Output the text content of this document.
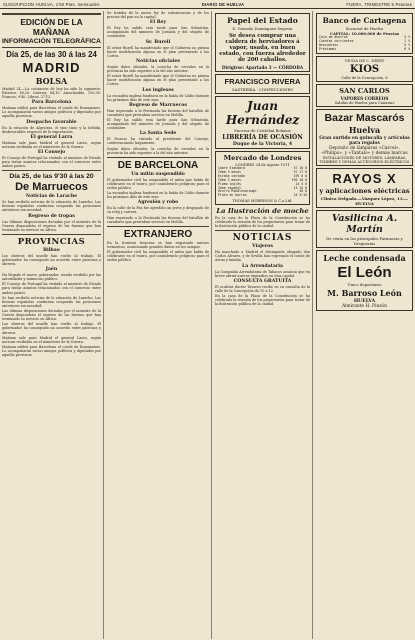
SUSCRIPCION HUELVA, 1'50 Ptas. mensuales	DIARIO DE HUELVA	FUERA, TRIMESTRE 5 Pesetas
EDICIÓN DE LA MAÑANA
INFORMACIÓN TELEGRÁFICA
Día 25, de las 30 á las 24
MADRID
BOLSA

Madrid 24.—La cotización de hoy ha sido la siguiente: Exterior, 80,20. Interior, 84,10. Amortizable, 100,30. Francos, 9'40. Libras, 27'13.

Para Barcelona

Mañana saldrá para Barcelona el conde de Romanones. Lo acompañarán varios amigos políticos y diputados por aquella provincia.

Despacho favorable

En la estación de Algeciras, el vino tinto y la bebida, desfavorables respecto de la exportación.

El general Larra

Mañana sale para Madrid el general Larra, según noticias recibidas en el ministerio de la Guerra.

El Consejo

El Consejo de Portugal ha visitado al ministro de Estado para tratar asuntos relacionados con el comercio entre ambos países.

Día 25, de las 9'30 á las 20
De Marruecos
Noticias de Larache

Se han recibido noticias de la situación de Larache. Las fuerzas españolas continúan ocupando las posiciones anteriores sin novedad.

Regreso de tropas

Las últimas disposiciones dictadas por el ministro de la Guerra dispondrán el regreso de las fuerzas que han terminado su servicio en África.

PROVINCIAS
Bilbao

Los obreros del muelle han vuelto al trabajo. El gobernador ha conseguido un acuerdo entre patronos y obreros.

Jaén

Ha llegado el nuevo gobernador, siendo recibido por las autoridades y numeroso público.

El Consejo de Portugal ha visitado al ministro de Estado para tratar asuntos relacionados con el comercio entre ambos países.

Se han recibido noticias de la situación de Larache. Las fuerzas españolas continúan ocupando las posiciones anteriores sin novedad.

Las últimas disposiciones dictadas por el ministro de la Guerra dispondrán el regreso de las fuerzas que han terminado su servicio en África.

Los obreros del muelle han vuelto al trabajo. El gobernador ha conseguido un acuerdo entre patronos y obreros.

Mañana sale para Madrid el general Larra, según noticias recibidas en el ministerio de la Guerra.

Mañana saldrá para Barcelona el conde de Romanones. Lo acompañarán varios amigos políticos y diputados por aquella provincia.

Se trataba de la nueva ley de subsistencias y de los precios del pan en la capital.

El Rey

El Rey ha salido esta tarde para San Sebastián, acompañado del ministro de Jornada y del séquito de costumbre.

Sr. Burell

El señor Burell ha manifestado que el Gobierno no piensa hacer modificación alguna en el plan presentado a las Cortes.

Noticias oficiales

Según datos oficiales, la cosecha de cereales en la provincia ha sido superior a la del año anterior.

El señor Burell ha manifestado que el Gobierno no piensa hacer modificación alguna en el plan presentado a las Cortes.

Los ingleses

La escuadra inglesa fondeará en la bahía de Cádiz durante los próximos días de este mes.

Regreso de Marruecos

Han regresado a la Península las fuerzas del batallón de cazadores que prestaban servicio en Melilla.

El Rey ha salido esta tarde para San Sebastián, acompañado del ministro de Jornada y del séquito de costumbre.

La Santa Sede

El Nuncio ha visitado al presidente del Consejo, conferenciando largamente.

Según datos oficiales, la cosecha de cereales en la provincia ha sido superior a la del año anterior.

DE BARCELONA
Un mitin suspendido

El gobernador civil ha suspendido el mitin que había de celebrarse en el teatro, por considerarlo peligroso para el orden público.

La escuadra inglesa fondeará en la bahía de Cádiz durante los próximos días de este mes.

Agresión y robo

En la calle de la Paz fue agredido un joven y despojado de su reloj y cartera.

Han regresado a la Península las fuerzas del batallón de cazadores que prestaban servicio en Melilla.

EXTRANJERO

En la frontera francesa se han registrado nuevas tormentas, ocasionando grandes daños en los campos.

El gobernador civil ha suspendido el mitin que había de celebrarse en el teatro, por considerarlo peligroso para el orden público.

Papel del Estado
D. Gonzalo Domínguez Segovia
Se desea comprar una caldera de herviadores á vapor, usada, en buen estado, con fuerza alrededor de 200 caballos.
Dirigirse: Apartado 3 — CÓRDOBA
FRANCISCO RIVERA
SASTRERÍA · CONFECCIONES
Juan Hernández
Sucesor de Cristóbal Bolaños
LIBRERÍA DE OCASIÓN
Duque de la Victoria, 4
Mercado de Londres
LONDRES 24 de Agosto 1911
Cobre Standard	57 10 0
Ídem 3 meses	57 17 6
Estaño contado	195 0 0
Ídem 3 meses	190 10 0
Plomo inglés	14 5 0
Ídem español	13 15 0
Hierro Middlesbrough	46 6
Plata en barras	24 5/16
THOMAS MORRISON & C.a Ltd.
La Ilustración de moche

En la casa de la Plaza de la Constitución se ha celebrado la reunión de los propietarios para tratar de la ilustración pública de la ciudad.

NOTICIAS
Viajeros

Ha marchado a Madrid el distinguido abogado don Carlos Álvarez, y de Sevilla han regresado el conde de Arrua y familia.

La Arrendataria

La Compañía Arrendataria de Tabacos anuncia que en breve abrirá nuevos expendios en esta capital.

CONSULTA GRATUITA

El oculista doctor Tavares recibe en su consulta de la calle de la Concepción de 10 a 12.

En la casa de la Plaza de la Constitución se ha celebrado la reunión de los propietarios para tratar de la ilustración pública de la ciudad.

Banco de Cartagena
Sucursal de Huelva
CAPITAL: 10.000.000 de Pesetas
Caja de ahorros	3 %
Cuentas corrientes	2 %
Descuentos	5 %
Préstamos	6 %
VIUDA DE C. NIERT
KIOS
Calle de la Concepción, 6
SAN CARLOS
VAPORES CORREOS
Salidas de Huelva para Canarias
Bazar Mascarós
Huelva
Gran surtido en quincalla y artículos para regalos
Depósito de lámparas «Carcel», «Philips», y «Tantalo» y demás marcas
INSTALACIONES DE MOTORES, LÁMPARAS, TIMBRES Y DEMÁS ACCESORIOS ELÉCTRICOS
RAYOS X
y aplicaciones eléctricas
Clínica Delgado.—Vázquez López, 13.—HUELVA
Vasilicina A. Martín
De venta en las principales Farmacias y Droguerías
Leche condensada
El León
Único depositario
M. Barroso León
HUELVA
Almirante H. Pinzón
